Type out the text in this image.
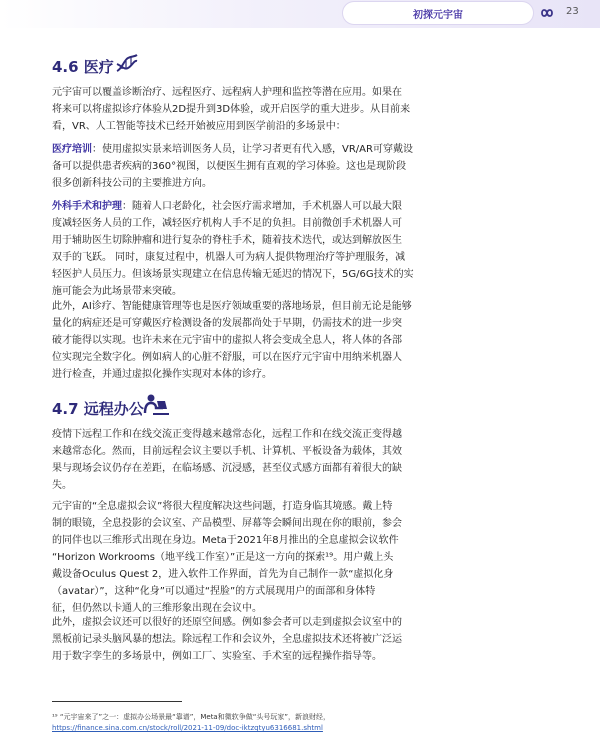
初探元宇宙	23
4.6 医疗

元宇宙可以覆盖诊断治疗、远程医疗、远程病人护理和监控等潜在应用。如果在
将来可以将虚拟诊疗体验从2D提升到3D体验，或开启医学的重大进步。从目前来
看，VR、人工智能等技术已经开始被应用到医学前沿的多场景中：

医疗培训：使用虚拟实景来培训医务人员，让学习者更有代入感，VR/AR可穿戴设
备可以提供患者疾病的360°视图，以便医生拥有直观的学习体验。这也是现阶段
很多创新科技公司的主要推进方向。

外科手术和护理：随着人口老龄化，社会医疗需求增加，手术机器人可以最大限
度减轻医务人员的工作，减轻医疗机构人手不足的负担。目前微创手术机器人可
用于辅助医生切除肿瘤和进行复杂的脊柱手术，随着技术迭代，或达到解放医生
双手的飞跃。 同时，康复过程中，机器人可为病人提供物理治疗等护理服务，减
轻医护人员压力。但该场景实现建立在信息传输无延迟的情况下，5G/6G技术的实
施可能会为此场景带来突破。

此外，AI诊疗、智能健康管理等也是医疗领域重要的落地场景，但目前无论是能够
量化的病症还是可穿戴医疗检测设备的发展都尚处于早期，仍需技术的进一步突
破才能得以实现。也许未来在元宇宙中的虚拟人将会变成全息人，将人体的各部
位实现完全数字化。例如病人的心脏不舒服，可以在医疗元宇宙中用纳米机器人
进行检查，并通过虚拟化操作实现对本体的诊疗。

4.7 远程办公

疫情下远程工作和在线交流正变得越来越常态化，远程工作和在线交流正变得越
来越常态化。然而，目前远程会议主要以手机、计算机、平板设备为载体，其效
果与现场会议仍存在差距，在临场感、沉浸感，甚至仪式感方面都有着很大的缺
失。

元宇宙的“全息虚拟会议”将很大程度解决这些问题，打造身临其境感。戴上特
制的眼镜，全息投影的会议室、产品模型、屏幕等会瞬间出现在你的眼前，参会
的同伴也以三维形式出现在身边。Meta于2021年8月推出的全息虚拟会议软件
“Horizon Workrooms（地平线工作室）”正是这一方向的探索¹⁹。用户戴上头
戴设备Oculus Quest 2，进入软件工作界面，首先为自己制作一款“虚拟化身
（avatar）”，这种“化身”可以通过“捏脸”的方式展现用户的面部和身体特
征，但仍然以卡通人的三维形象出现在会议中。

此外，虚拟会议还可以很好的还原空间感。例如参会者可以走到虚拟会议室中的
黑板前记录头脑风暴的想法。除远程工作和会议外，全息虚拟技术还将被广泛运
用于数字孪生的多场景中，例如工厂、实验室、手术室的远程操作指导等。

¹⁹ “元宇宙来了”之一：虚拟办公场景最“靠谱”，Meta和微软争做“头号玩家”，新浪财经，
https://finance.sina.com.cn/stock/roll/2021-11-09/doc-iktzqtyu6316681.shtml
